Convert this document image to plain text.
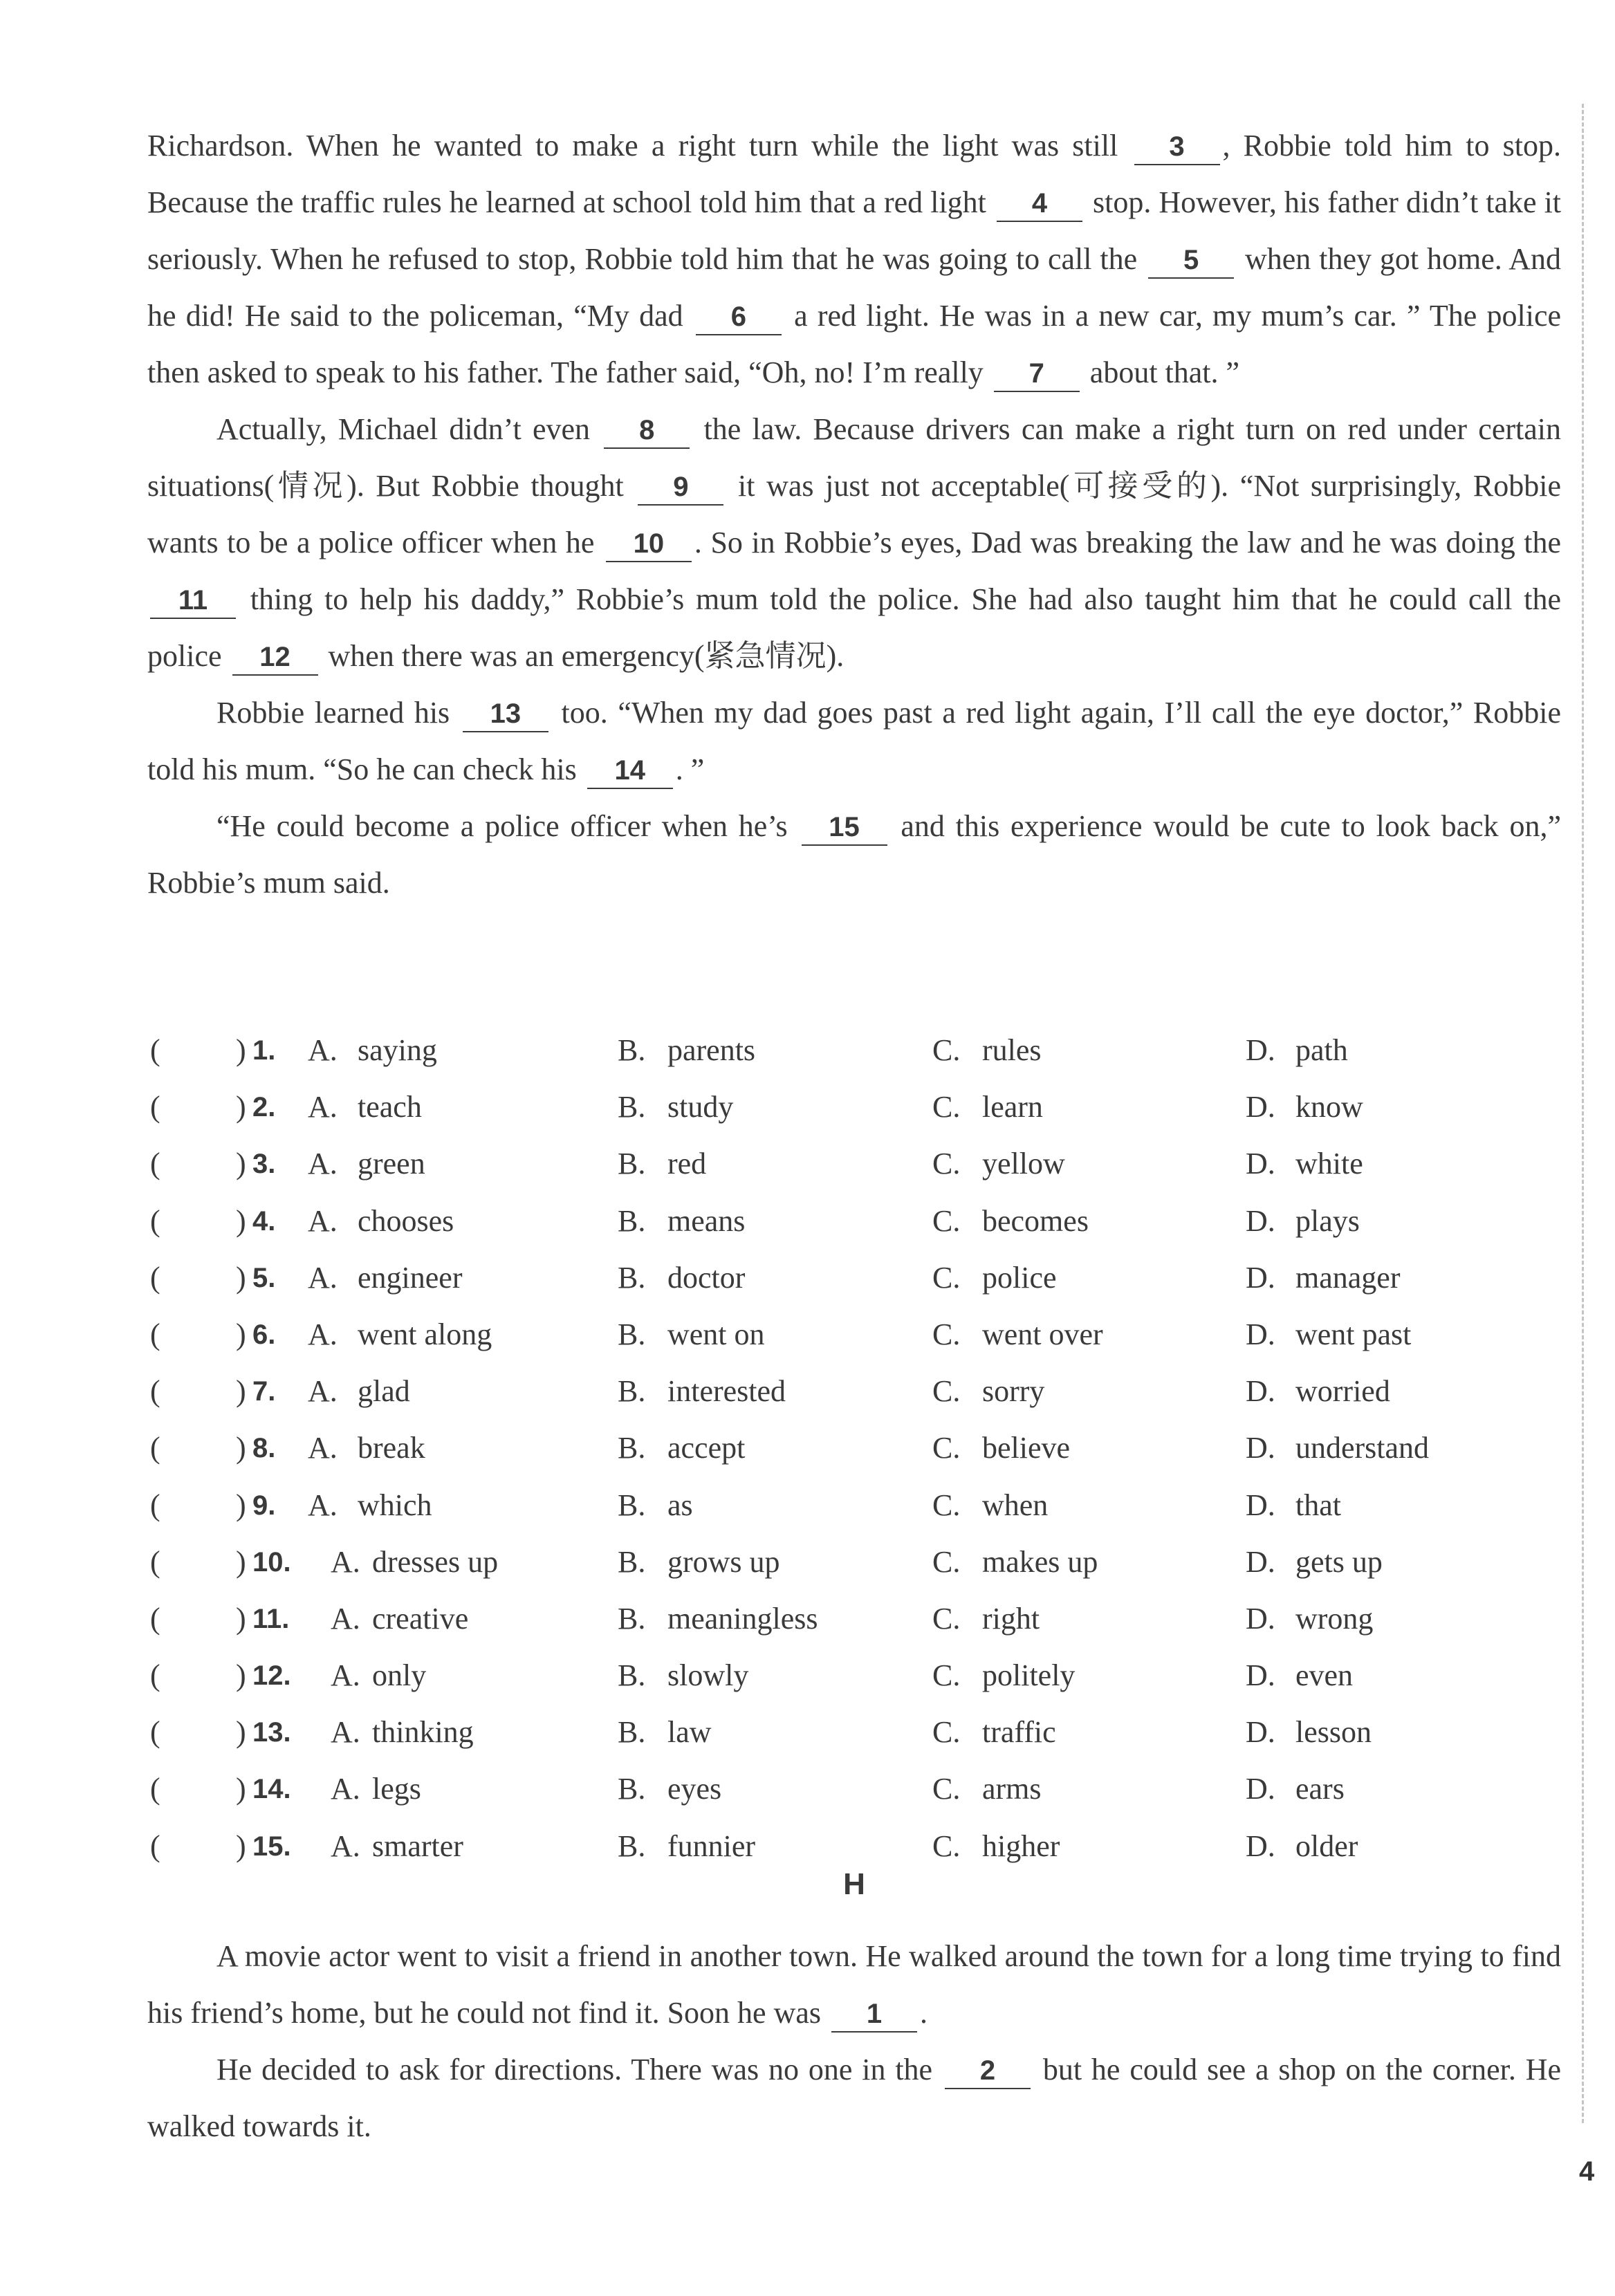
Richardson. When he wanted to make a right turn while the light was still 3 , Robbie told him to stop. Because the traffic rules he learned at school told him that a red light 4 stop. However, his father didn’t take it seriously. When he refused to stop, Robbie told him that he was going to call the 5 when they got home. And he did! He said to the policeman, “My dad 6 a red light. He was in a new car, my mum’s car. ” The police then asked to speak to his father. The father said, “Oh, no! I’m really 7 about that. ”

Actually, Michael didn’t even 8 the law. Because drivers can make a right turn on red under certain situations(情况). But Robbie thought 9 it was just not acceptable(可接受的). “Not surprisingly, Robbie wants to be a police officer when he 10 . So in Robbie’s eyes, Dad was breaking the law and he was doing the 11 thing to help his daddy,” Robbie’s mum told the police. She had also taught him that he could call the police 12 when there was an emergency(紧急情况).

Robbie learned his 13 too. “When my dad goes past a red light again, I’ll call the eye doctor,” Robbie told his mum. “So he can check his 14 . ”

“He could become a police officer when he’s 15 and this experience would be cute to look back on,” Robbie’s mum said.

( ) 1. A. saying	B. parents	C. rules	D. path
( ) 2. A. teach	B. study	C. learn	D. know
( ) 3. A. green	B. red	C. yellow	D. white
( ) 4. A. chooses	B. means	C. becomes	D. plays
( ) 5. A. engineer	B. doctor	C. police	D. manager
( ) 6. A. went along	B. went on	C. went over	D. went past
( ) 7. A. glad	B. interested	C. sorry	D. worried
( ) 8. A. break	B. accept	C. believe	D. understand
( ) 9. A. which	B. as	C. when	D. that
( ) 10. A. dresses up	B. grows up	C. makes up	D. gets up
( ) 11. A. creative	B. meaningless	C. right	D. wrong
( ) 12. A. only	B. slowly	C. politely	D. even
( ) 13. A. thinking	B. law	C. traffic	D. lesson
( ) 14. A. legs	B. eyes	C. arms	D. ears
( ) 15. A. smarter	B. funnier	C. higher	D. older
H

A movie actor went to visit a friend in another town. He walked around the town for a long time trying to find his friend’s home, but he could not find it. Soon he was 1 .

He decided to ask for directions. There was no one in the 2 but he could see a shop on the corner. He walked towards it.

4
